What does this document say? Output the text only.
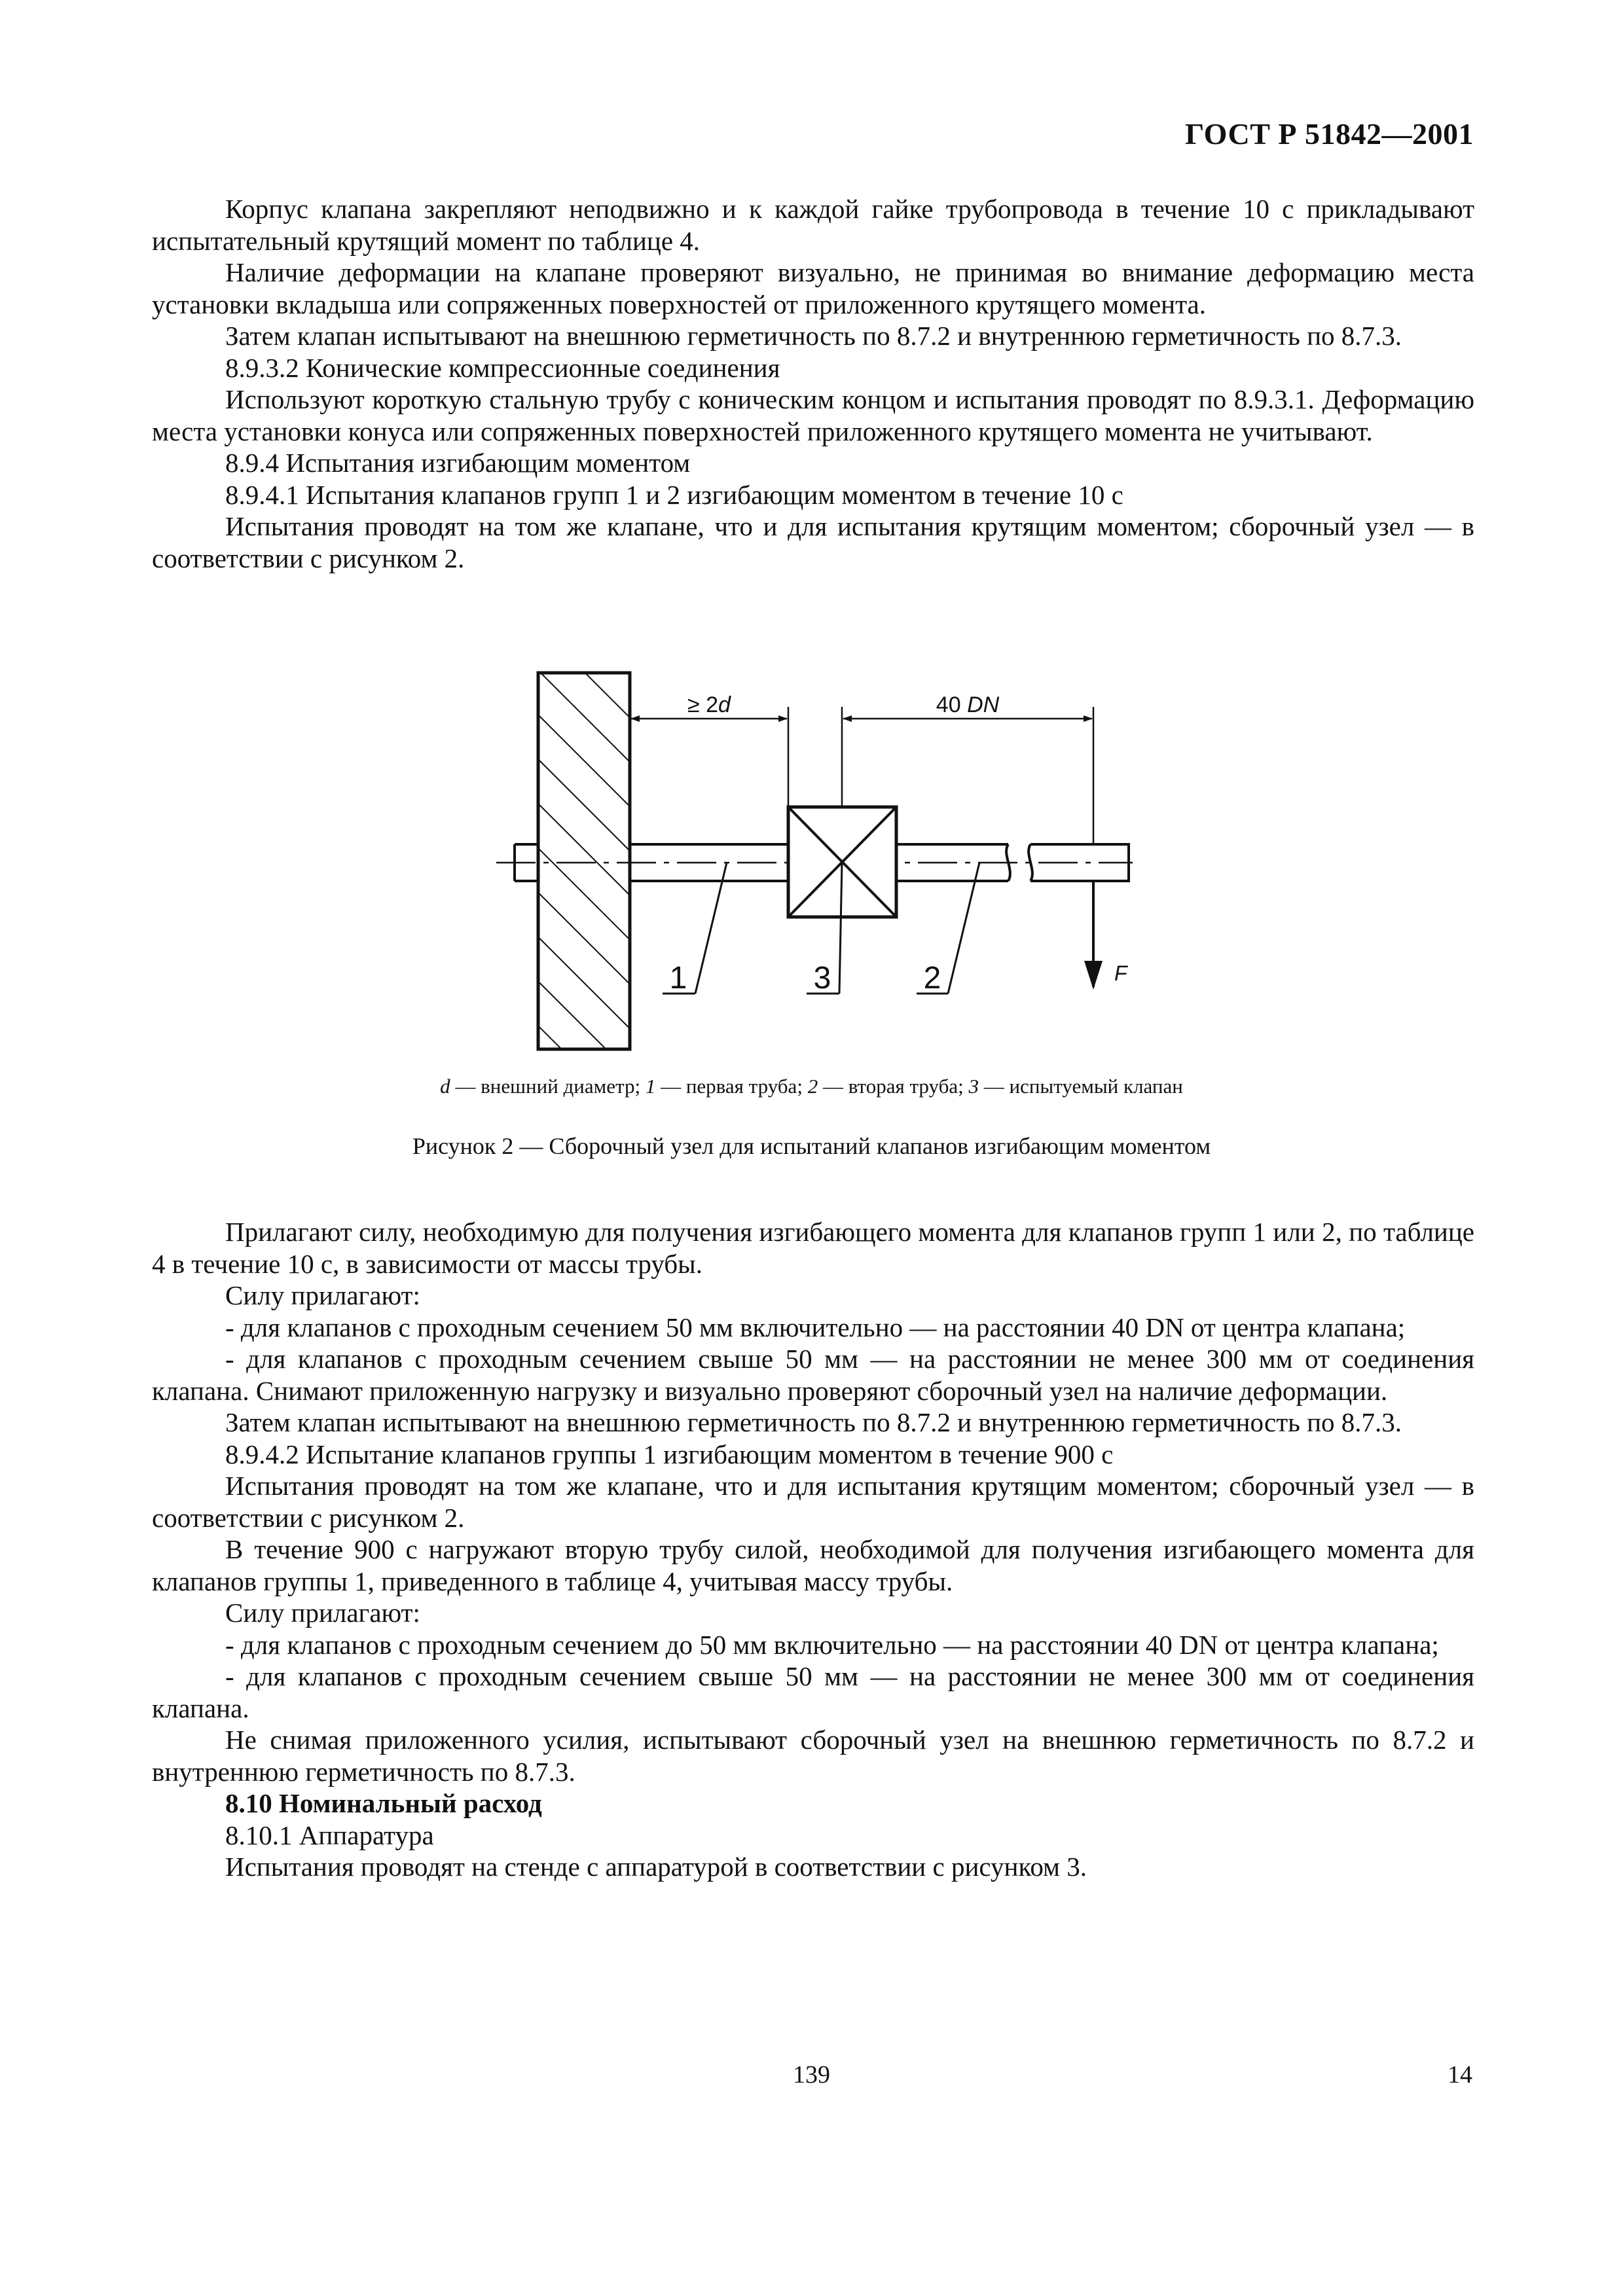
ГОСТ Р 51842—2001

Корпус клапана закрепляют неподвижно и к каждой гайке трубопровода в течение 10 с прикладывают испытательный крутящий момент по таблице 4.

Наличие деформации на клапане проверяют визуально, не принимая во внимание деформацию места установки вкладыша или сопряженных поверхностей от приложенного крутящего момента.

Затем клапан испытывают на внешнюю герметичность по 8.7.2 и внутреннюю герметичность по 8.7.3.

8.9.3.2 Конические компрессионные соединения

Используют короткую стальную трубу с коническим концом и испытания проводят по 8.9.3.1. Деформацию места установки конуса или сопряженных поверхностей приложенного крутящего момента не учитывают.

8.9.4 Испытания изгибающим моментом

8.9.4.1 Испытания клапанов групп 1 и 2 изгибающим моментом в течение 10 с

Испытания проводят на том же клапане, что и для испытания крутящим моментом; сборочный узел — в соответствии с рисунком 2.

≥ 2d	40 DN
F
1	3	2
d — внешний диаметр; 1 — первая труба; 2 — вторая труба; 3 — испытуемый клапан
Рисунок 2 — Сборочный узел для испытаний клапанов изгибающим моментом

Прилагают силу, необходимую для получения изгибающего момента для клапанов групп 1 или 2, по таблице 4 в течение 10 с, в зависимости от массы трубы.

Силу прилагают:

- для клапанов с проходным сечением 50 мм включительно — на расстоянии 40 DN от центра клапана;

- для клапанов с проходным сечением свыше 50 мм — на расстоянии не менее 300 мм от соединения клапана. Снимают приложенную нагрузку и визуально проверяют сборочный узел на наличие деформации.

Затем клапан испытывают на внешнюю герметичность по 8.7.2 и внутреннюю герметичность по 8.7.3.

8.9.4.2 Испытание клапанов группы 1 изгибающим моментом в течение 900 с

Испытания проводят на том же клапане, что и для испытания крутящим моментом; сборочный узел — в соответствии с рисунком 2.

В течение 900 с нагружают вторую трубу силой, необходимой для получения изгибающего момента для клапанов группы 1, приведенного в таблице 4, учитывая массу трубы.

Силу прилагают:

- для клапанов с проходным сечением до 50 мм включительно — на расстоянии 40 DN от центра клапана;

- для клапанов с проходным сечением свыше 50 мм — на расстоянии не менее 300 мм от соединения клапана.

Не снимая приложенного усилия, испытывают сборочный узел на внешнюю герметичность по 8.7.2 и внутреннюю герметичность по 8.7.3.

8.10 Номинальный расход

8.10.1 Аппаратура

Испытания проводят на стенде с аппаратурой в соответствии с рисунком 3.

139	14
